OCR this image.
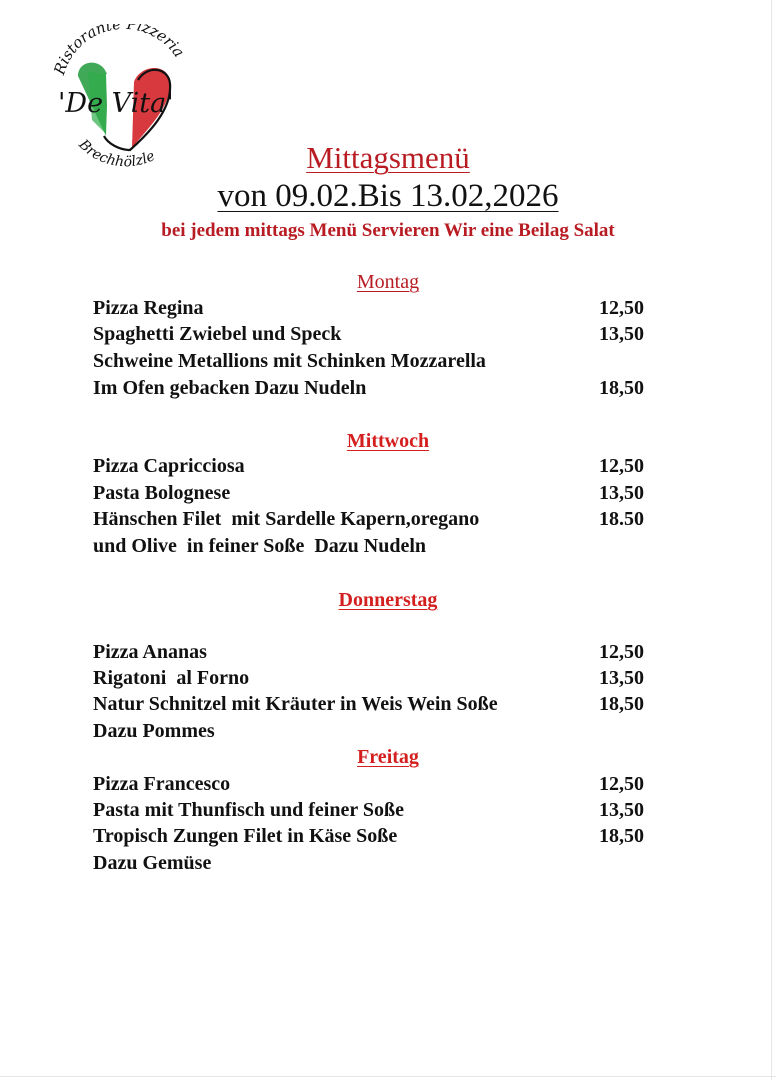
Ristorante Pizzeria
'De Vita'
Brechhölzle	Mittagsmenü
von 09.02.Bis 13.02,2026
bei jedem mittags Menü Servieren Wir eine Beilag Salat
Montag
Pizza Regina	12,50
Spaghetti Zwiebel und Speck	13,50
Schweine Metallions mit Schinken Mozzarella
Im Ofen gebacken Dazu Nudeln	18,50
Mittwoch
Pizza Capricciosa	12,50
Pasta Bolognese	13,50
Hänschen Filet  mit Sardelle Kapern,oregano	18.50
und Olive  in feiner Soße  Dazu Nudeln
Donnerstag
Pizza Ananas	12,50
Rigatoni  al Forno	13,50
Natur Schnitzel mit Kräuter in Weis Wein Soße	18,50
Dazu Pommes
Freitag
Pizza Francesco	12,50
Pasta mit Thunfisch und feiner Soße	13,50
Tropisch Zungen Filet in Käse Soße	18,50
Dazu Gemüse
